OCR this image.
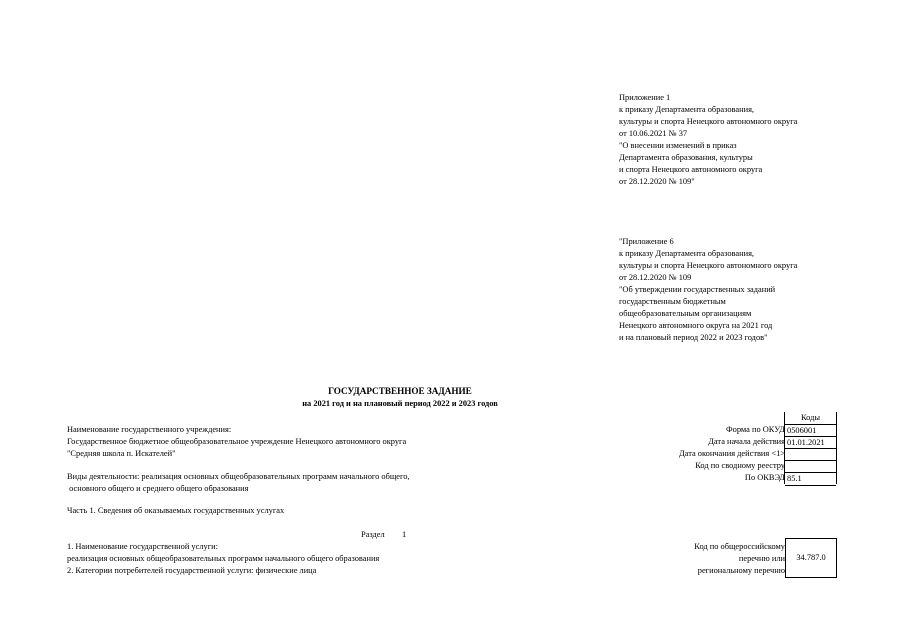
Приложение 1
к приказу Департамента образования,
культуры и спорта Ненецкого автономного округа
от 10.06.2021 № 37
"О внесении изменений в приказ
Департамента образования, культуры
и спорта Ненецкого автономного округа
от 28.12.2020 № 109"
"Приложение 6
к приказу Департамента образования,
культуры и спорта Ненецкого автономного округа
от 28.12.2020 № 109
"Об утверждении государственных заданий
государственным бюджетным
общеобразовательным организациям
Ненецкого автономного округа на 2021 год
и на плановый период 2022 и 2023 годов"
ГОСУДАРСТВЕННОЕ ЗАДАНИЕ
на 2021 год и на плановый период 2022 и 2023 годов
Наименование государственного учреждения:
Государственное бюджетное общеобразовательное учреждение Ненецкого автономного округа
"Средняя школа п. Искателей"
Виды деятельности: реализация основных общеобразовательных программ начального общего,
основного общего и среднего общего образования
Форма по ОКУД
Дата начала действия
Дата окончания действия <1>
Код по сводному реестру
По ОКВЭД
Коды
0506001
01.01.2021
85.1
Часть 1. Сведения об оказываемых государственных услугах
Раздел 1
1. Наименование государственной услуги:
реализация основных общеобразовательных программ начального общего образования
2. Категории потребителей государственной услуги: физические лица
Код по общероссийскому
перечню или
региональному перечню
34.787.0
